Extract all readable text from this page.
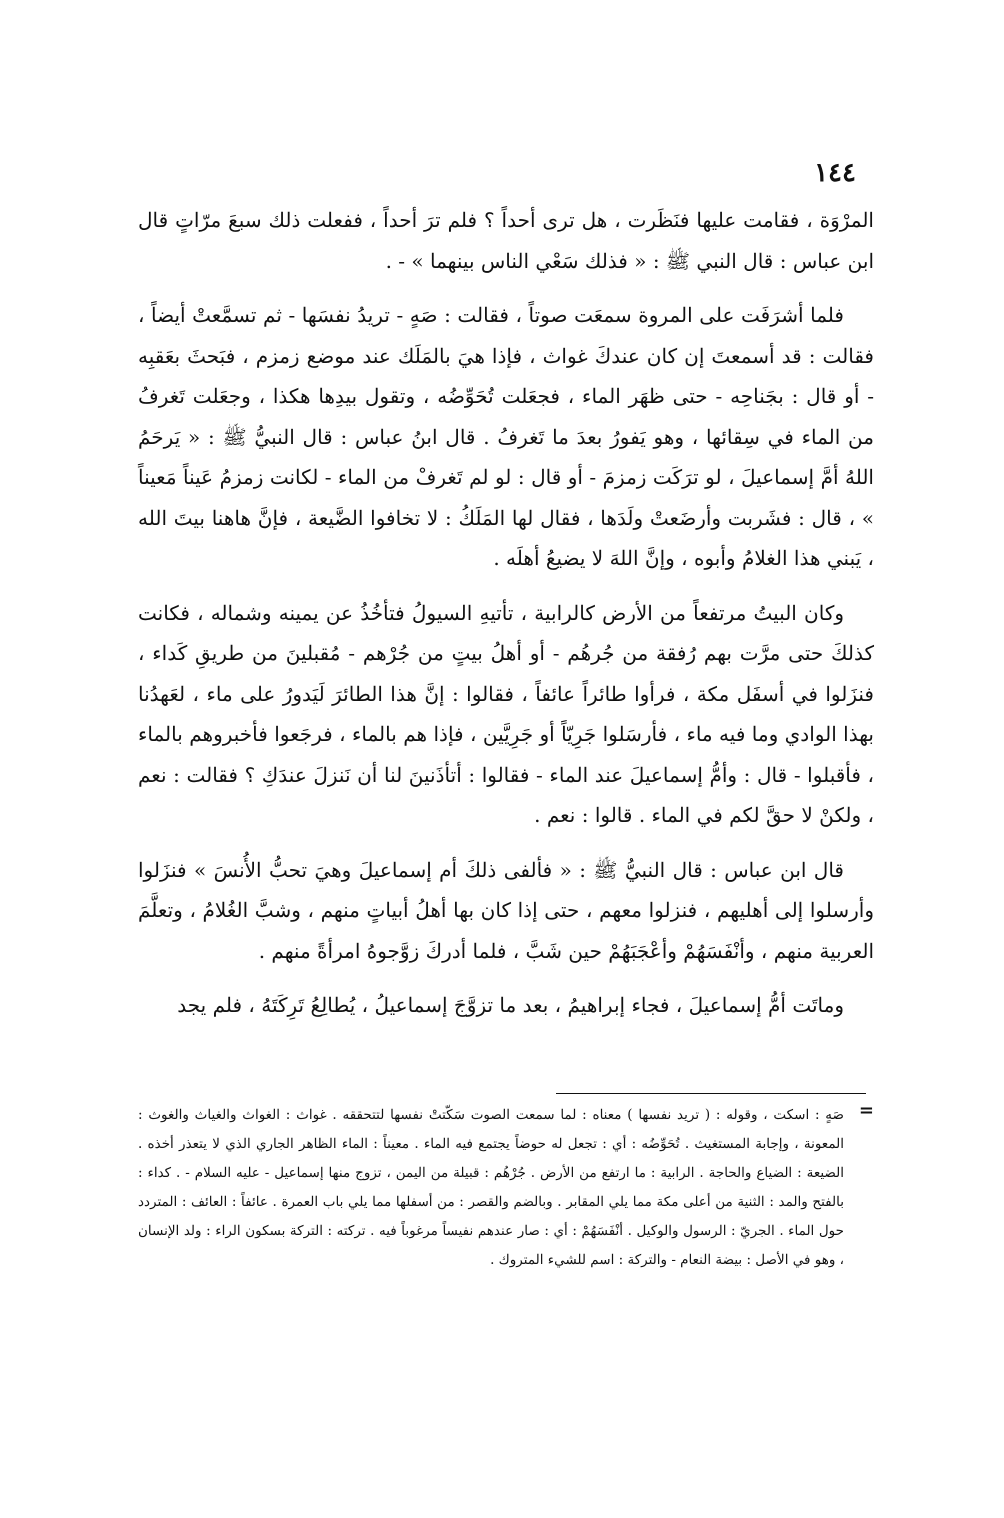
١٤٤

المرْوَة ، فقامت عليها فنَظَرت ، هل ترى أحداً ؟ فلم ترَ أحداً ، ففعلت ذلك سبعَ مرّاتٍ قال ابن عباس : قال النبي ﷺ : « فذلك سَعْي الناس بينهما » - .

فلما أشرَفَت على المروة سمعَت صوتاً ، فقالت : صَهٍ - تريدُ نفسَها - ثم تسمَّعتْ أيضاً ، فقالت : قد أسمعتَ إن كان عندكَ غواث ، فإذا هيَ بالمَلَك عند موضع زمزم ، فبَحثَ بعَقبِه - أو قال : بجَناحِه - حتى ظهَر الماء ، فجعَلت تُحَوِّضُه ، وتقول بيدِها هكذا ، وجعَلت تَغرفُ من الماء في سِقائها ، وهو يَفورُ بعدَ ما تَغرفُ . قال ابنُ عباس : قال النبيُّ ﷺ : « يَرحَمُ اللهُ أمَّ إسماعيلَ ، لو ترَكَت زمزمَ - أو قال : لو لم تَغرفْ من الماء - لكانت زمزمُ عَيناً مَعيناً » ، قال : فشَربت وأرضَعتْ ولَدَها ، فقال لها المَلَكُ : لا تخافوا الضَّيعة ، فإنَّ هاهنا بيتَ الله ، يَبني هذا الغلامُ وأبوه ، وإنَّ اللهَ لا يضيعُ أهلَه .

وكان البيتُ مرتفعاً من الأرض كالرابية ، تأتيهِ السيولُ فتأخُذُ عن يمينه وشماله ، فكانت كذلكَ حتى مرَّت بهم رُفقة من جُرهُم - أو أهلُ بيتٍ من جُرْهم - مُقبلينَ من طريقِ كَداء ، فنزَلوا في أسفَل مكة ، فرأوا طائراً عائفاً ، فقالوا : إنَّ هذا الطائرَ لَيَدورُ على ماء ، لعَهدُنا بهذا الوادي وما فيه ماء ، فأرسَلوا جَرِيّاً أو جَرِيَّين ، فإذا هم بالماء ، فرجَعوا فأخبروهم بالماء ، فأقبلوا - قال : وأمُّ إسماعيلَ عند الماء - فقالوا : أتأذَنينَ لنا أن نَنزلَ عندَكِ ؟ فقالت : نعم ، ولكنْ لا حقَّ لكم في الماء . قالوا : نعم .

قال ابن عباس : قال النبيُّ ﷺ : « فألفى ذلكَ أم إسماعيلَ وهيَ تحبُّ الأُنسَ » فنزَلوا وأرسلوا إلى أهليهم ، فنزلوا معهم ، حتى إذا كان بها أهلُ أبياتٍ منهم ، وشبَّ الغُلامُ ، وتعلَّمَ العربية منهم ، وأنْفَسَهُمْ وأعْجَبَهُمْ حين شَبَّ ، فلما أدركَ زوَّجوهُ امرأةً منهم .

وماتَت أمُّ إسماعيلَ ، فجاء إبراهيمُ ، بعد ما تزوَّجَ إسماعيلُ ، يُطالِعُ تَرِكَتَهُ ، فلم يجد

=
صَهٍ : اسكت ، وقوله : ( تريد نفسها ) معناه : لما سمعت الصوت سَكّتتْ نفسها لتتحققه . غواث : الغواث والغياث والغوث : المعونة ، وإجابة المستغيث . تُحَوِّضُه : أي : تجعل له حوضاً يجتمع فيه الماء . معيناً : الماء الظاهر الجاري الذي لا يتعذر أخذه . الضيعة : الضياع والحاجة . الرابية : ما ارتفع من الأرض . جُرْهُم : قبيلة من اليمن ، تزوج منها إسماعيل - عليه السلام - . كداء : بالفتح والمد : الثنية من أعلى مكة مما يلي المقابر . وبالضم والقصر : من أسفلها مما يلي باب العمرة . عائفاً : العائف : المتردد حول الماء . الجريّ : الرسول والوكيل . أنْفَسَهُمْ : أي : صار عندهم نفيساً مرغوباً فيه . تركته : التركة بسكون الراء : ولد الإنسان ، وهو في الأصل : بيضة النعام - والتركة : اسم للشيء المتروك .
